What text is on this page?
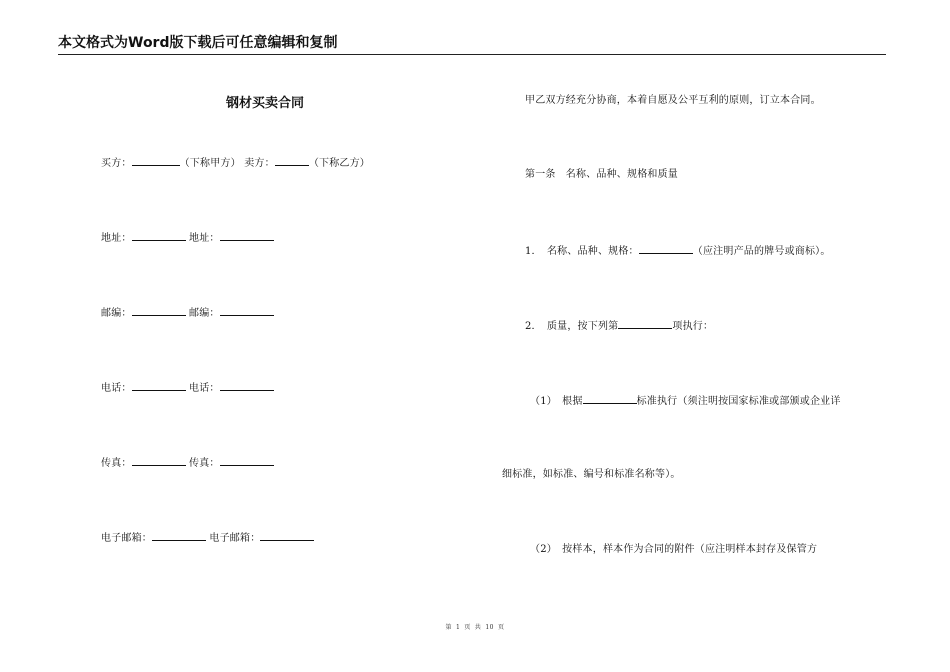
本文格式为Word版下载后可任意编辑和复制
钢材买卖合同
买方：	（下称甲方） 卖方：	（下称乙方）
地址：	地址：
邮编：	邮编：
电话：	电话：
传真：	传真：
电子邮箱：	电子邮箱：
甲乙双方经充分协商，本着自愿及公平互利的原则，订立本合同。
第一条　名称、品种、规格和质量
1．　名称、品种、规格：	（应注明产品的牌号或商标）。
2．　质量，按下列第	项执行：
（1）　根据	标准执行（须注明按国家标准或部颁或企业详
细标准，如标准、编号和标准名称等）。
（2）　按样本，样本作为合同的附件（应注明样本封存及保管方
第 1 页 共 10 页
